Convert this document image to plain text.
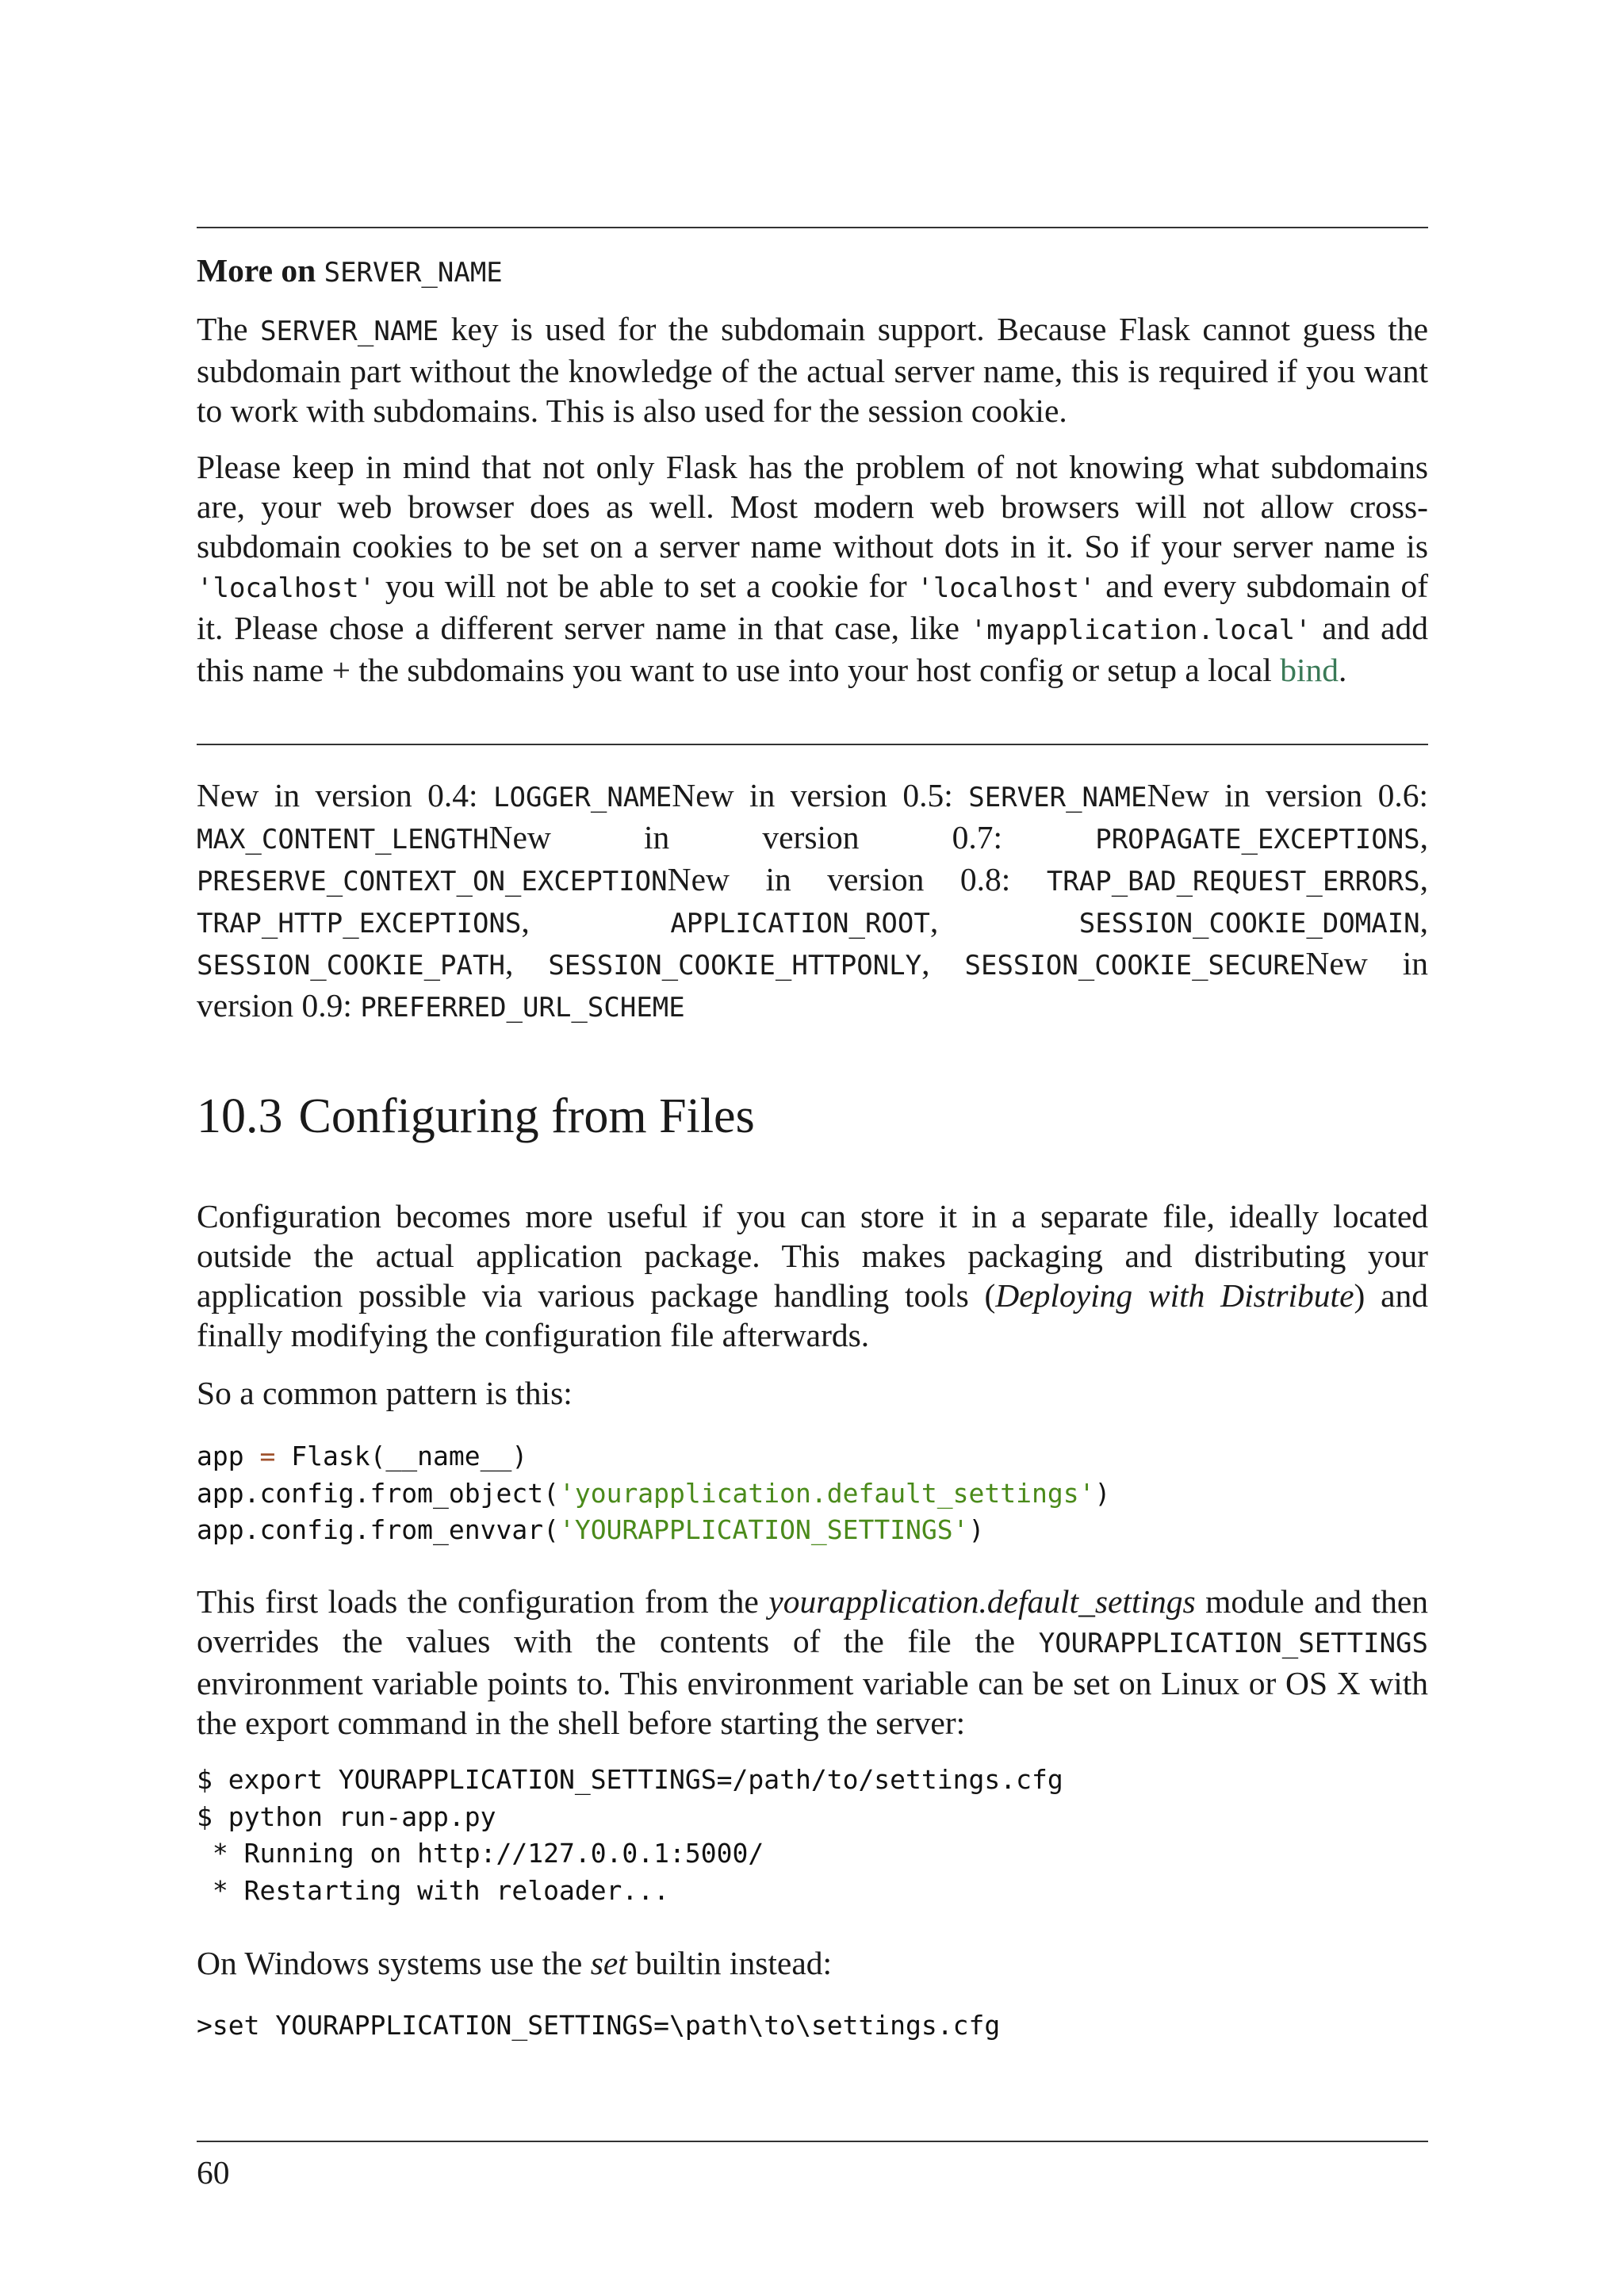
More on SERVER_NAME

The SERVER_NAME key is used for the subdomain support. Because Flask cannot guess the subdomain part without the knowledge of the actual server name, this is required if you want to work with subdomains. This is also used for the session cookie.

Please keep in mind that not only Flask has the problem of not knowing what subdomains are, your web browser does as well. Most modern web browsers will not allow cross-subdomain cookies to be set on a server name without dots in it. So if your server name is 'localhost' you will not be able to set a cookie for 'localhost' and every subdomain of it. Please chose a different server name in that case, like 'myapplication.local' and add this name + the subdomains you want to use into your host config or setup a local bind.

New in version 0.4: LOGGER_NAMENew in version 0.5: SERVER_NAMENew in version 0.6: MAX_CONTENT_LENGTHNew in version 0.7:	PROPAGATE_EXCEPTIONS, PRESERVE_CONTEXT_ON_EXCEPTIONNew in version 0.8: TRAP_BAD_REQUEST_ERRORS, TRAP_HTTP_EXCEPTIONS,	APPLICATION_ROOT,	SESSION_COOKIE_DOMAIN, SESSION_COOKIE_PATH, SESSION_COOKIE_HTTPONLY, SESSION_COOKIE_SECURENew in version 0.9: PREFERRED_URL_SCHEME

10.3 Configuring from Files

Configuration becomes more useful if you can store it in a separate file, ideally located outside the actual application package. This makes packaging and distributing your application possible via various package handling tools (Deploying with Distribute) and finally modifying the configuration file afterwards.

So a common pattern is this:

app = Flask(__name__)
app.config.from_object('yourapplication.default_settings')
app.config.from_envvar('YOURAPPLICATION_SETTINGS')

This first loads the configuration from the yourapplication.default_settings module and then overrides the values with the contents of the file the YOURAPPLICATION_SETTINGS environment variable points to. This environment variable can be set on Linux or OS X with the export command in the shell before starting the server:

$ export YOURAPPLICATION_SETTINGS=/path/to/settings.cfg
$ python run-app.py
* Running on http://127.0.0.1:5000/
* Restarting with reloader...

On Windows systems use the set builtin instead:

>set YOURAPPLICATION_SETTINGS=\path\to\settings.cfg
60
